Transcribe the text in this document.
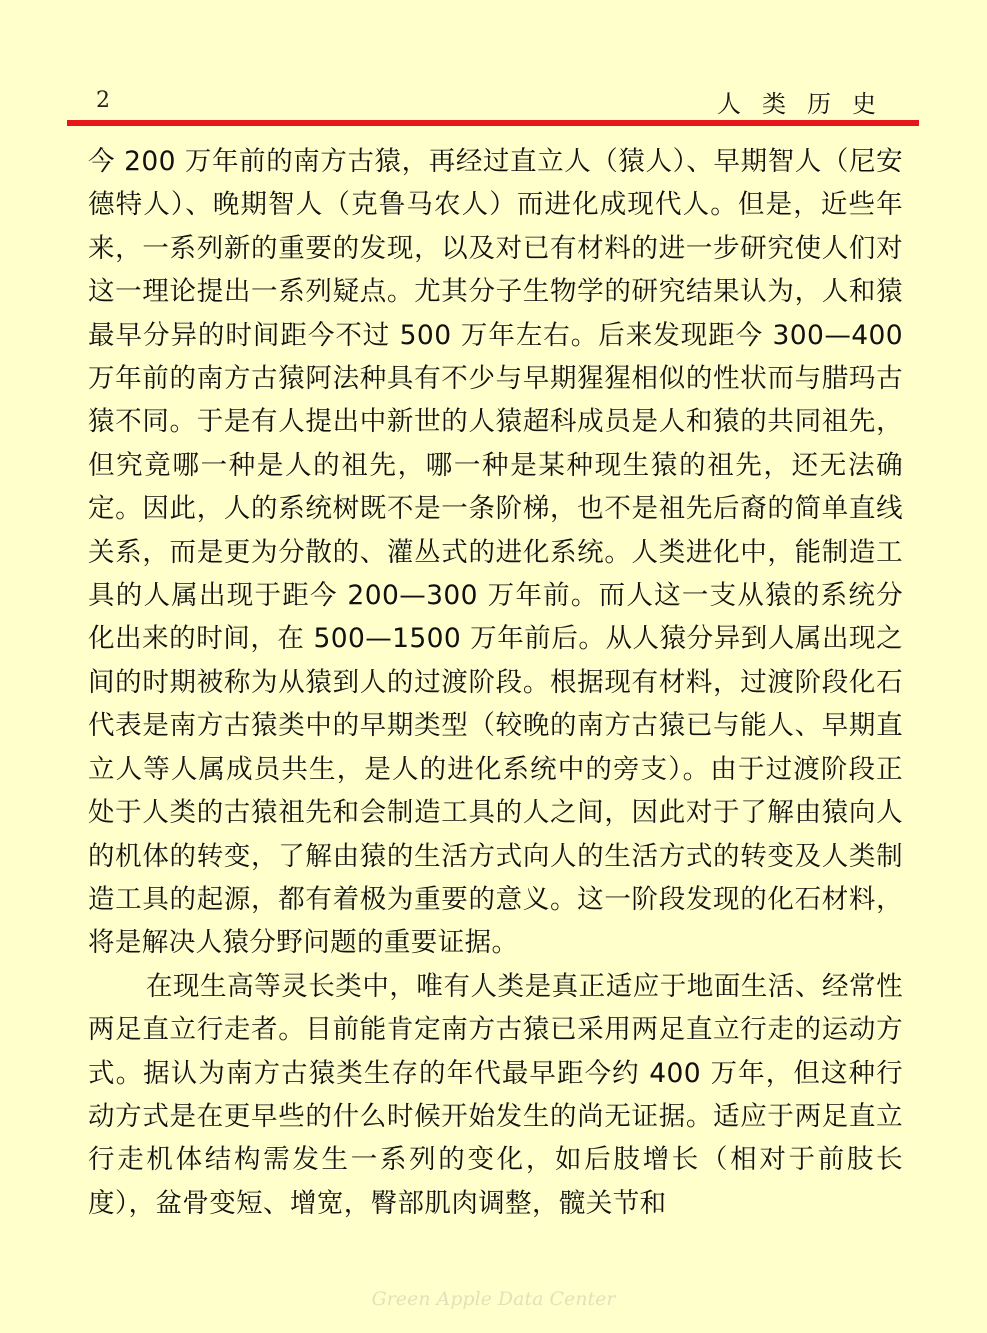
2	人类历史

今 200 万年前的南方古猿，再经过直立人（猿人）、早期智人（尼安德特人）、晚期智人（克鲁马农人）而进化成现代人。但是，近些年来，一系列新的重要的发现，以及对已有材料的进一步研究使人们对这一理论提出一系列疑点。尤其分子生物学的研究结果认为，人和猿最早分异的时间距今不过 500 万年左右。后来发现距今 300—400 万年前的南方古猿阿法种具有不少与早期猩猩相似的性状而与腊玛古猿不同。于是有人提出中新世的人猿超科成员是人和猿的共同祖先，但究竟哪一种是人的祖先，哪一种是某种现生猿的祖先，还无法确定。因此，人的系统树既不是一条阶梯，也不是祖先后裔的简单直线关系，而是更为分散的、灌丛式的进化系统。人类进化中，能制造工具的人属出现于距今 200—300 万年前。而人这一支从猿的系统分化出来的时间，在 500—1500 万年前后。从人猿分异到人属出现之间的时期被称为从猿到人的过渡阶段。根据现有材料，过渡阶段化石代表是南方古猿类中的早期类型（较晚的南方古猿已与能人、早期直立人等人属成员共生，是人的进化系统中的旁支）。由于过渡阶段正处于人类的古猿祖先和会制造工具的人之间，因此对于了解由猿向人的机体的转变，了解由猿的生活方式向人的生活方式的转变及人类制造工具的起源，都有着极为重要的意义。这一阶段发现的化石材料，将是解决人猿分野问题的重要证据。

在现生高等灵长类中，唯有人类是真正适应于地面生活、经常性两足直立行走者。目前能肯定南方古猿已采用两足直立行走的运动方式。据认为南方古猿类生存的年代最早距今约 400 万年，但这种行动方式是在更早些的什么时候开始发生的尚无证据。适应于两足直立行走机体结构需发生一系列的变化，如后肢增长（相对于前肢长度），盆骨变短、增宽，臀部肌肉调整，髋关节和

Green Apple Data Center
